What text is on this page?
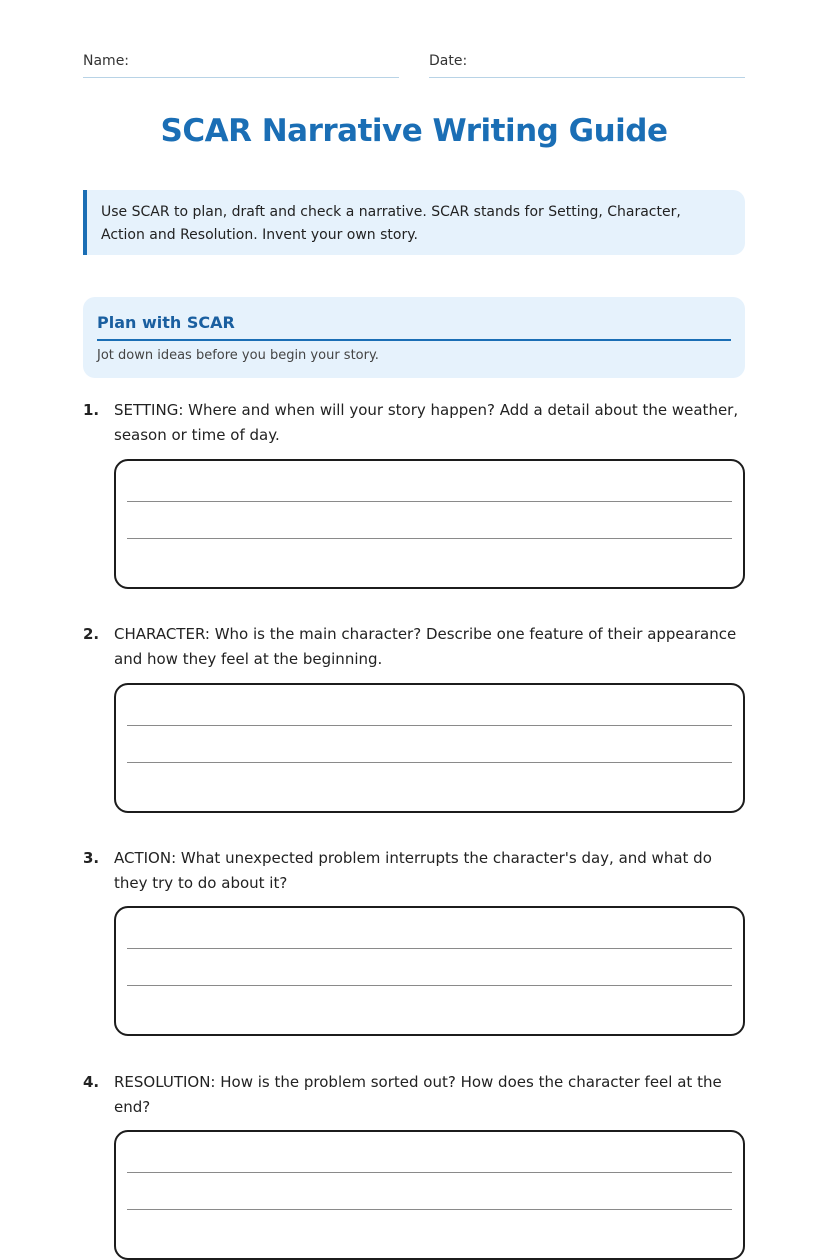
Name:	Date:
SCAR Narrative Writing Guide
Use SCAR to plan, draft and check a narrative. SCAR stands for Setting, Character, Action and Resolution. Invent your own story.
Plan with SCAR
Jot down ideas before you begin your story.
1. SETTING: Where and when will your story happen? Add a detail about the weather, season or time of day.
2. CHARACTER: Who is the main character? Describe one feature of their appearance and how they feel at the beginning.
3. ACTION: What unexpected problem interrupts the character's day, and what do they try to do about it?
4. RESOLUTION: How is the problem sorted out? How does the character feel at the end?
